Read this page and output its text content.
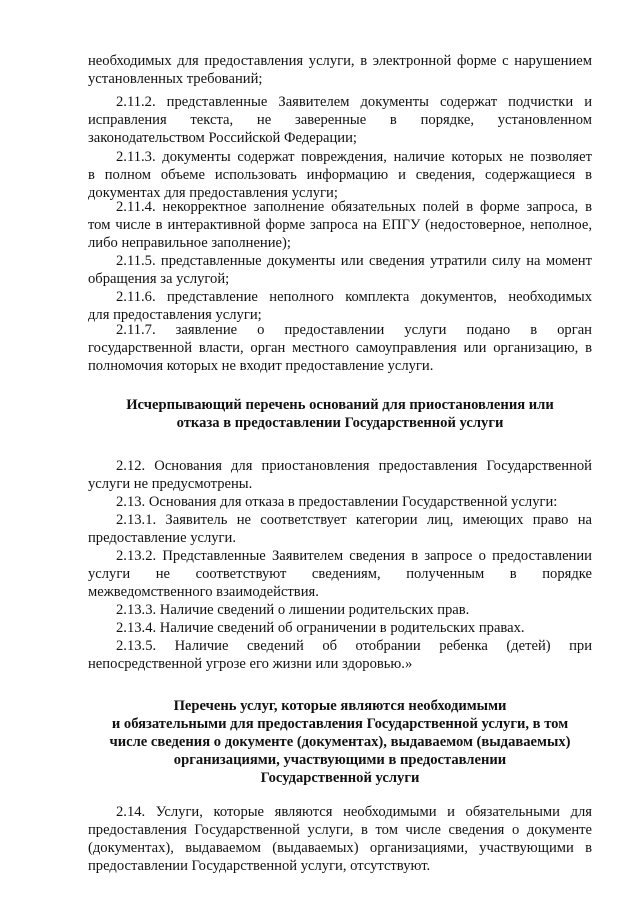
необходимых для предоставления услуги, в электронной форме с нарушением
установленных требований;
2.11.2. представленные Заявителем документы содержат подчистки и
исправления текста, не заверенные в порядке, установленном
законодательством Российской Федерации;
2.11.3. документы содержат повреждения, наличие которых не позволяет
в полном объеме использовать информацию и сведения, содержащиеся в
документах для предоставления услуги;
2.11.4. некорректное заполнение обязательных полей в форме запроса, в
том числе в интерактивной форме запроса на ЕПГУ (недостоверное, неполное,
либо неправильное заполнение);
2.11.5. представленные документы или сведения утратили силу на момент
обращения за услугой;
2.11.6. представление неполного комплекта документов, необходимых
для предоставления услуги;
2.11.7. заявление о предоставлении услуги подано в орган
государственной власти, орган местного самоуправления или организацию, в
полномочия которых не входит предоставление услуги.
Исчерпывающий перечень оснований для приостановления или
отказа в предоставлении Государственной услуги
2.12. Основания для приостановления предоставления Государственной
услуги не предусмотрены.
2.13. Основания для отказа в предоставлении Государственной услуги:
2.13.1. Заявитель не соответствует категории лиц, имеющих право на
предоставление услуги.
2.13.2. Представленные Заявителем сведения в запросе о предоставлении
услуги не соответствуют сведениям, полученным в порядке
межведомственного взаимодействия.
2.13.3. Наличие сведений о лишении родительских прав.
2.13.4. Наличие сведений об ограничении в родительских правах.
2.13.5. Наличие сведений об отобрании ребенка (детей) при
непосредственной угрозе его жизни или здоровью.»
Перечень услуг, которые являются необходимыми
и обязательными для предоставления Государственной услуги, в том
числе сведения о документе (документах), выдаваемом (выдаваемых)
организациями, участвующими в предоставлении
Государственной услуги
2.14. Услуги, которые являются необходимыми и обязательными для
предоставления Государственной услуги, в том числе сведения о документе
(документах), выдаваемом (выдаваемых) организациями, участвующими в
предоставлении Государственной услуги, отсутствуют.
